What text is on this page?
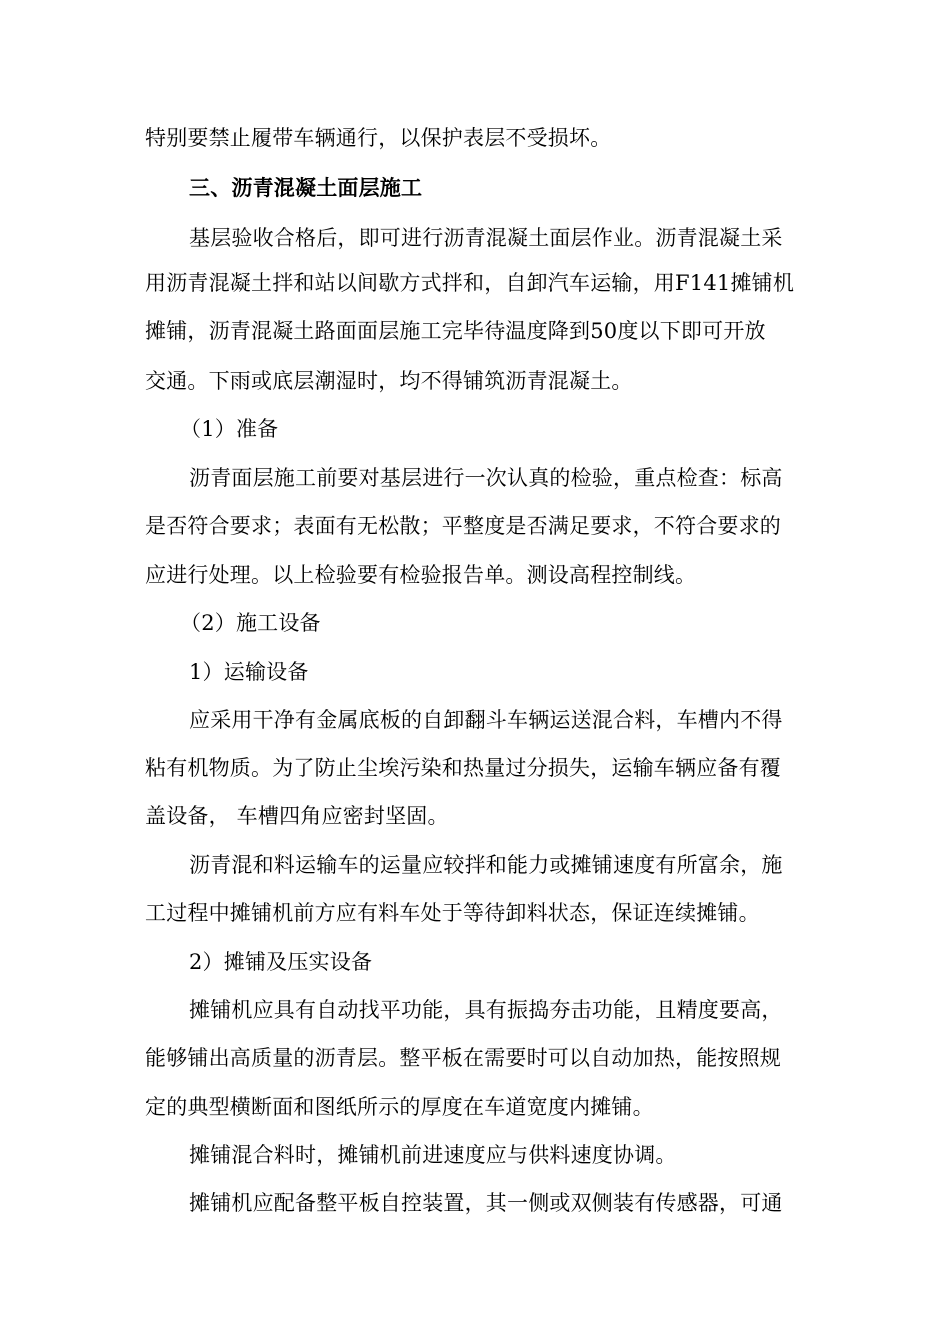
特别要禁止履带车辆通行，以保护表层不受损坏。
三、沥青混凝土面层施工
基层验收合格后，即可进行沥青混凝土面层作业。沥青混凝土采
用沥青混凝土拌和站以间歇方式拌和，自卸汽车运输，用F141摊铺机
摊铺，沥青混凝土路面面层施工完毕待温度降到50度以下即可开放
交通。下雨或底层潮湿时，均不得铺筑沥青混凝土。
（1）准备
沥青面层施工前要对基层进行一次认真的检验，重点检查：标高
是否符合要求；表面有无松散；平整度是否满足要求，不符合要求的
应进行处理。以上检验要有检验报告单。测设高程控制线。
（2）施工设备
1）运输设备
应采用干净有金属底板的自卸翻斗车辆运送混合料，车槽内不得
粘有机物质。为了防止尘埃污染和热量过分损失，运输车辆应备有覆
盖设备， 车槽四角应密封坚固。
沥青混和料运输车的运量应较拌和能力或摊铺速度有所富余，施
工过程中摊铺机前方应有料车处于等待卸料状态，保证连续摊铺。
2）摊铺及压实设备
摊铺机应具有自动找平功能，具有振捣夯击功能，且精度要高，
能够铺出高质量的沥青层。整平板在需要时可以自动加热，能按照规
定的典型横断面和图纸所示的厚度在车道宽度内摊铺。
摊铺混合料时，摊铺机前进速度应与供料速度协调。
摊铺机应配备整平板自控装置，其一侧或双侧装有传感器，可通
